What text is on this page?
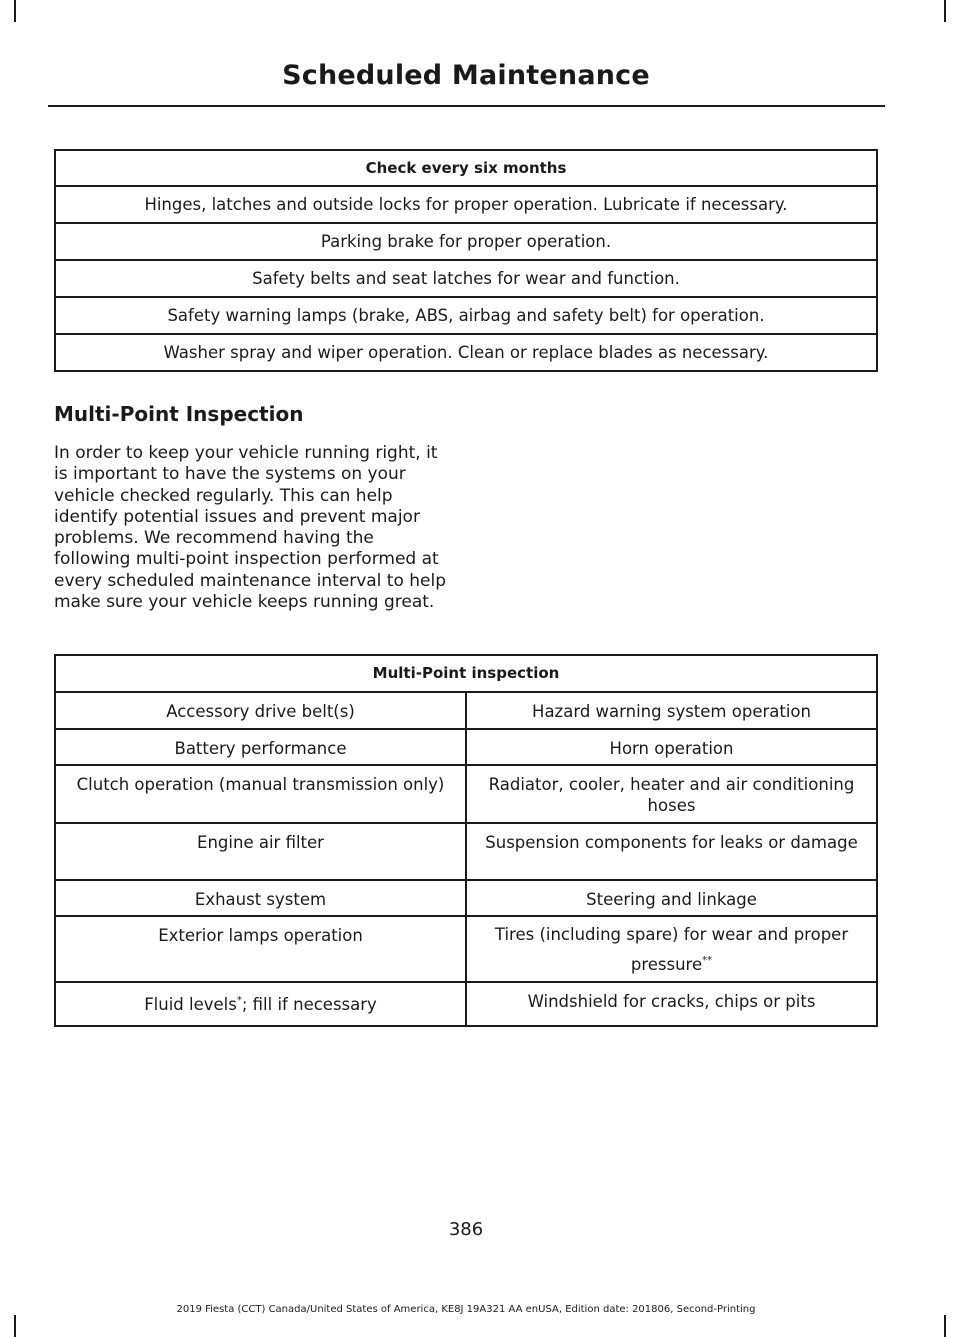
Scheduled Maintenance
Check every six months
Hinges, latches and outside locks for proper operation. Lubricate if necessary.
Parking brake for proper operation.
Safety belts and seat latches for wear and function.
Safety warning lamps (brake, ABS, airbag and safety belt) for operation.
Washer spray and wiper operation. Clean or replace blades as necessary.
Multi-Point Inspection

In order to keep your vehicle running right, it is important to have the systems on your vehicle checked regularly. This can help identify potential issues and prevent major problems. We recommend having the following multi-point inspection performed at every scheduled maintenance interval to help make sure your vehicle keeps running great.

Multi-Point inspection	
Accessory drive belt(s)	Hazard warning system operation
Battery performance	Horn operation
Clutch operation (manual transmission only)	Radiator, cooler, heater and air conditioning hoses
Engine air filter	Suspension components for leaks or damage
Exhaust system	Steering and linkage
Exterior lamps operation	Tires (including spare) for wear and proper pressure**
Fluid levels*; fill if necessary	Windshield for cracks, chips or pits
386
2019 Fiesta (CCT) Canada/United States of America, KE8J 19A321 AA enUSA, Edition date: 201806, Second-Printing
